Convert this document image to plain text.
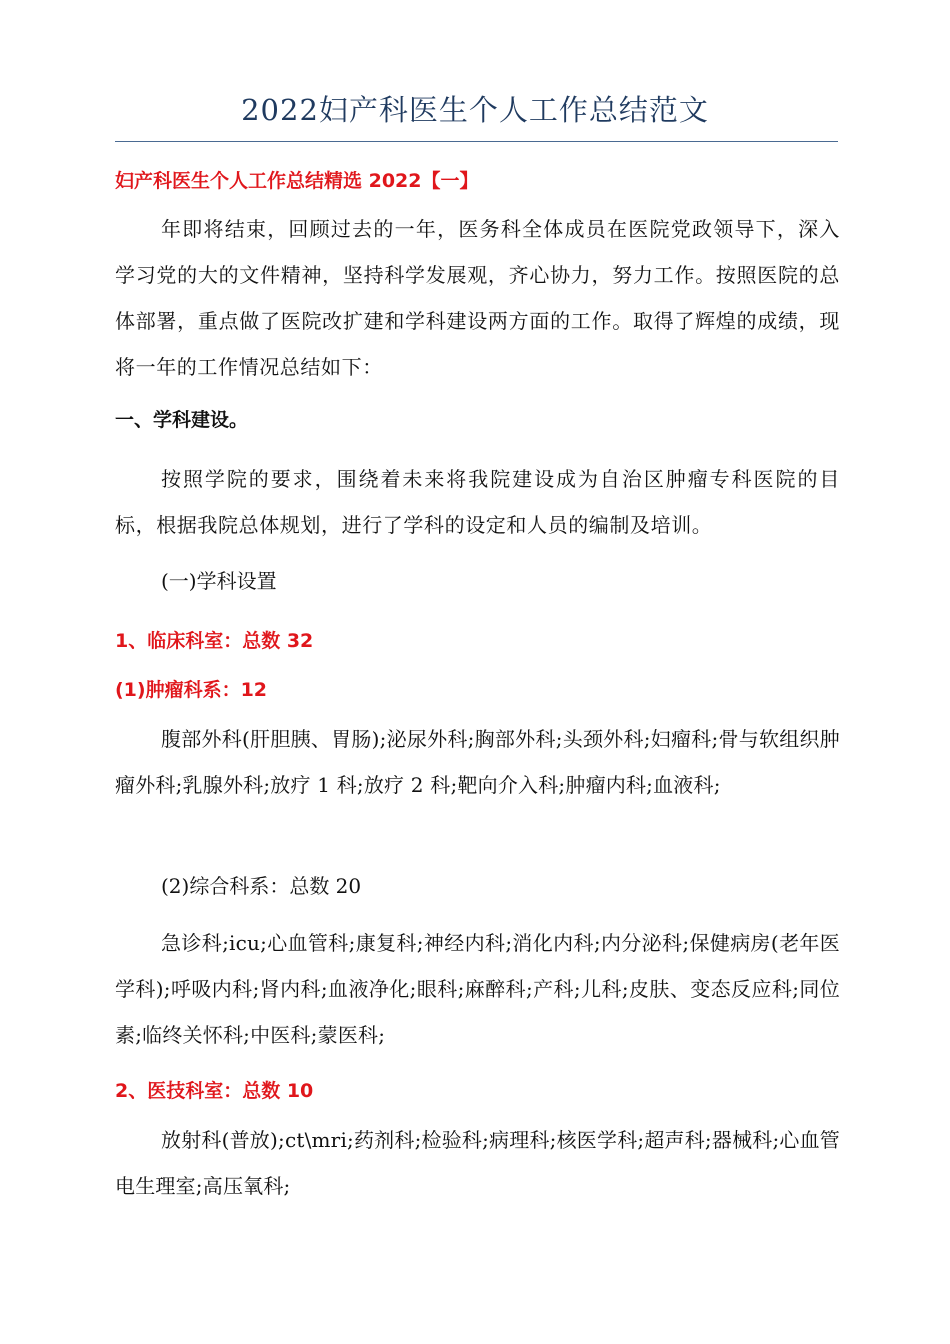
2022妇产科医生个人工作总结范文
妇产科医生个人工作总结精选 2022【一】

年即将结束，回顾过去的一年，医务科全体成员在医院党政领导下，深入学习党的大的文件精神，坚持科学发展观，齐心协力，努力工作。按照医院的总体部署，重点做了医院改扩建和学科建设两方面的工作。取得了辉煌的成绩，现将一年的工作情况总结如下：

一、学科建设。

按照学院的要求，围绕着未来将我院建设成为自治区肿瘤专科医院的目标，根据我院总体规划，进行了学科的设定和人员的编制及培训。

(一)学科设置
1、临床科室：总数 32
(1)肿瘤科系：12

腹部外科(肝胆胰、胃肠);泌尿外科;胸部外科;头颈外科;妇瘤科;骨与软组织肿瘤外科;乳腺外科;放疗 1 科;放疗 2 科;靶向介入科;肿瘤内科;血液科;

(2)综合科系：总数 20

急诊科;icu;心血管科;康复科;神经内科;消化内科;内分泌科;保健病房(老年医学科);呼吸内科;肾内科;血液净化;眼科;麻醉科;产科;儿科;皮肤、变态反应科;同位素;临终关怀科;中医科;蒙医科;

2、医技科室：总数 10

放射科(普放);ct\mri;药剂科;检验科;病理科;核医学科;超声科;器械科;心血管电生理室;高压氧科;
